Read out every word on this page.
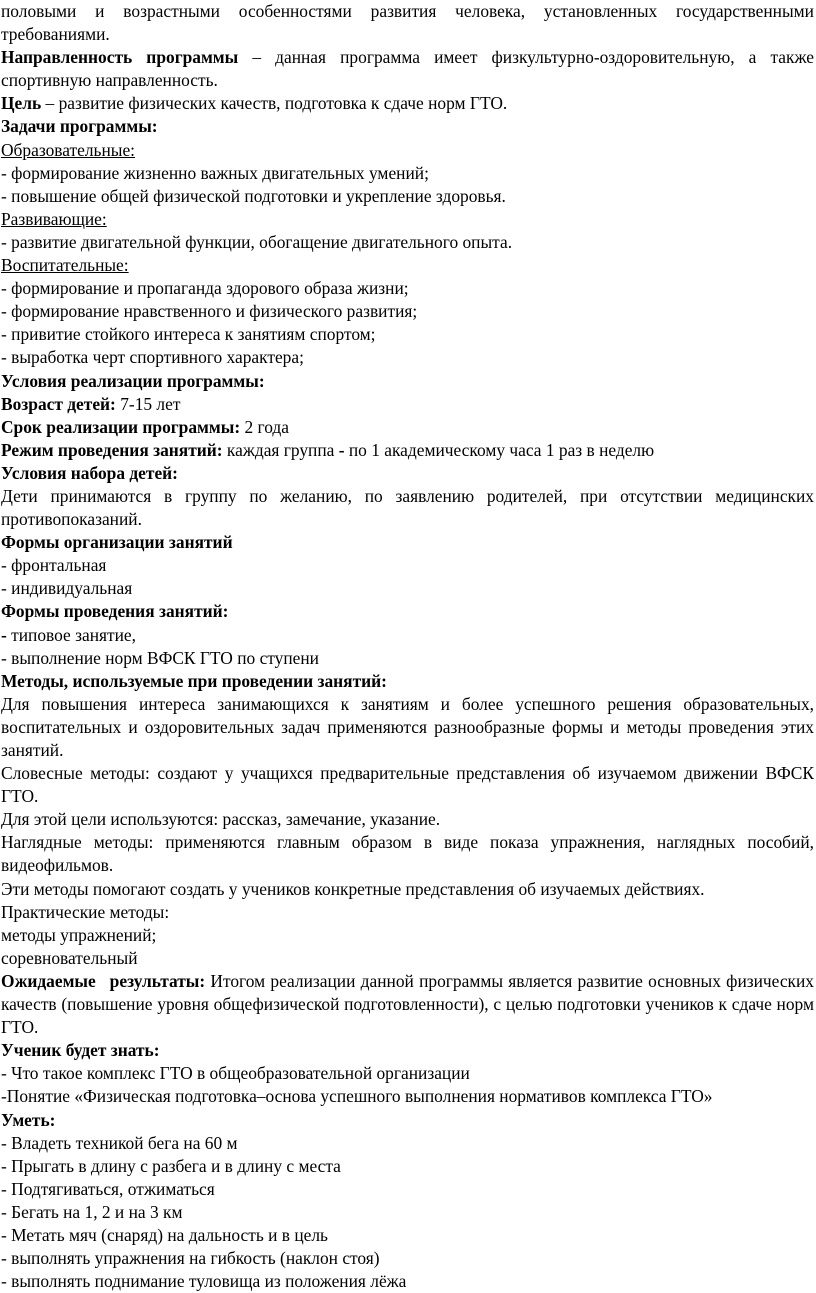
половыми и возрастными особенностями развития человека, установленных государственными требованиями.
Направленность программы – данная программа имеет физкультурно-оздоровительную, а также спортивную направленность.
Цель – развитие физических качеств, подготовка к сдаче норм ГТО.
Задачи программы:
Образовательные:
- формирование жизненно важных двигательных умений;
- повышение общей физической подготовки и укрепление здоровья.
Развивающие:
- развитие двигательной функции, обогащение двигательного опыта.
Воспитательные:
- формирование и пропаганда здорового образа жизни;
- формирование нравственного и физического развития;
- привитие стойкого интереса к занятиям спортом;
- выработка черт спортивного характера;
Условия реализации программы:
Возраст детей: 7-15 лет
Срок реализации программы: 2 года
Режим проведения занятий: каждая группа - по 1 академическому часа 1 раз в неделю
Условия набора детей:
Дети принимаются в группу по желанию, по заявлению родителей, при отсутствии медицинских противопоказаний.
Формы организации занятий
- фронтальная
- индивидуальная
Формы проведения занятий:
- типовое занятие,
- выполнение норм ВФСК ГТО по ступени
Методы, используемые при проведении занятий:
Для повышения интереса занимающихся к занятиям и более успешного решения образовательных, воспитательных и оздоровительных задач применяются разнообразные формы и методы проведения этих занятий.
Словесные методы: создают у учащихся предварительные представления об изучаемом движении ВФСК ГТО.
Для этой цели используются: рассказ, замечание, указание.
Наглядные методы: применяются главным образом в виде показа упражнения, наглядных пособий, видеофильмов.
Эти методы помогают создать у учеников конкретные представления об изучаемых действиях.
Практические методы:
методы упражнений;
соревновательный
Ожидаемые результаты: Итогом реализации данной программы является развитие основных физических качеств (повышение уровня общефизической подготовленности), с целью подготовки учеников к сдаче норм ГТО.
Ученик будет знать:
- Что такое комплекс ГТО в общеобразовательной организации
-Понятие «Физическая подготовка–основа успешного выполнения нормативов комплекса ГТО»
Уметь:
- Владеть техникой бега на 60 м
- Прыгать в длину с разбега и в длину с места
- Подтягиваться, отжиматься
- Бегать на 1, 2 и на 3 км
- Метать мяч (снаряд) на дальность и в цель
- выполнять упражнения на гибкость (наклон стоя)
- выполнять поднимание туловища из положения лёжа
